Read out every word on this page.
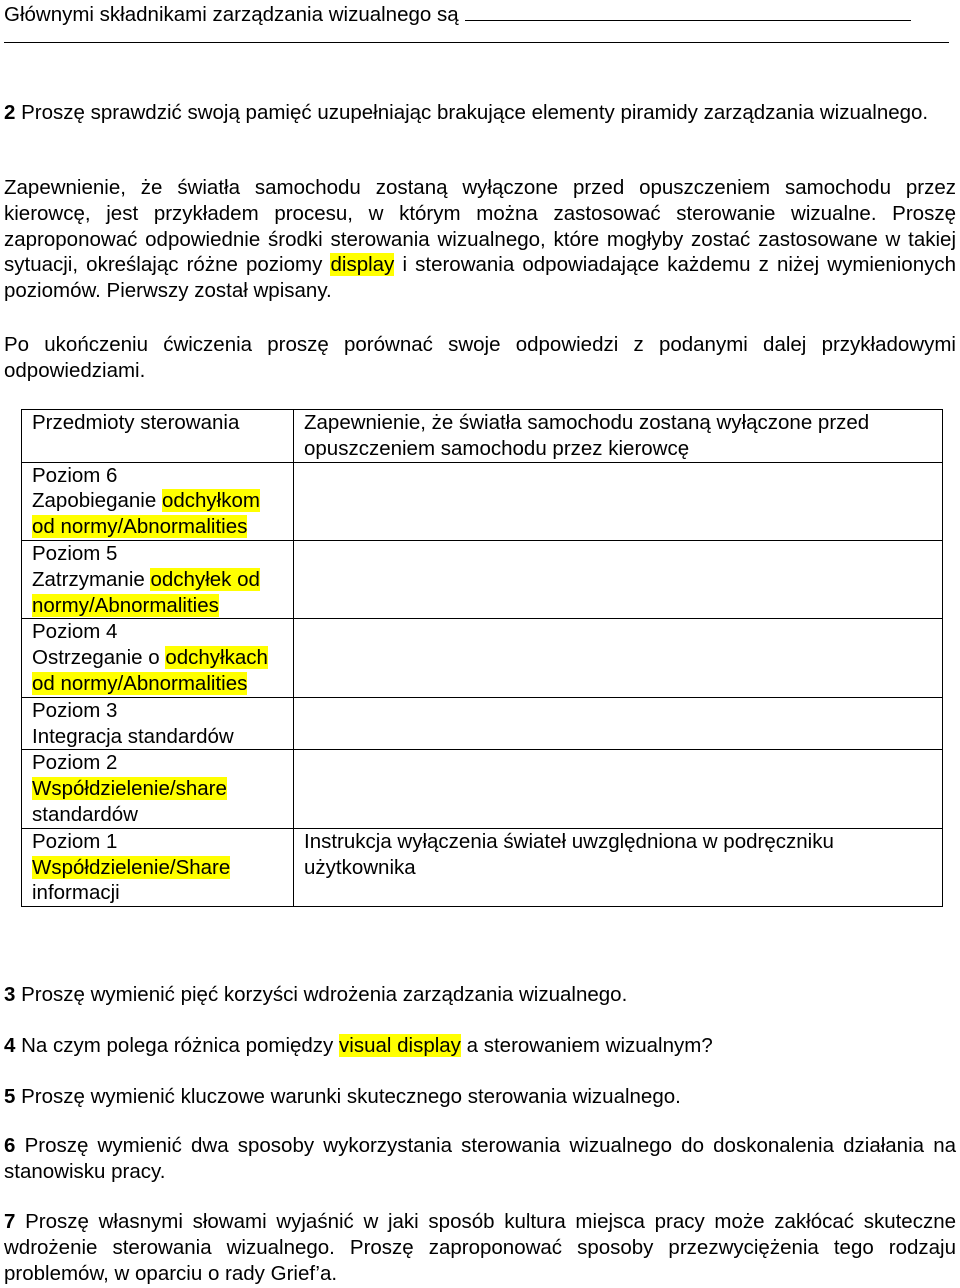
Głównymi składnikami zarządzania wizualnego są

2 Proszę sprawdzić swoją pamięć uzupełniając brakujące elementy piramidy zarządzania wizualnego.

Zapewnienie, że światła samochodu zostaną wyłączone przed opuszczeniem samochodu przez kierowcę, jest przykładem procesu, w którym można zastosować sterowanie wizualne. Proszę zaproponować odpowiednie środki sterowania wizualnego, które mogłyby zostać zastosowane w takiej sytuacji, określając różne poziomy display i sterowania odpowiadające każdemu z niżej wymienionych poziomów. Pierwszy został wpisany.

Po ukończeniu ćwiczenia proszę porównać swoje odpowiedzi z podanymi dalej przykładowymi odpowiedziami.

Przedmioty sterowania	Zapewnienie, że światła samochodu zostaną wyłączone przed opuszczeniem samochodu przez kierowcę
Poziom 6
Zapobieganie odchyłkom od normy/Abnormalities	
Poziom 5
Zatrzymanie odchyłek od normy/Abnormalities	
Poziom 4
Ostrzeganie o odchyłkach od normy/Abnormalities	
Poziom 3
Integracja standardów	
Poziom 2
Współdzielenie/share
standardów	
Poziom 1
Współdzielenie/Share
informacji	Instrukcja wyłączenia świateł uwzględniona w podręczniku użytkownika

3 Proszę wymienić pięć korzyści wdrożenia zarządzania wizualnego.

4 Na czym polega różnica pomiędzy visual display a sterowaniem wizualnym?

5 Proszę wymienić kluczowe warunki skutecznego sterowania wizualnego.

6 Proszę wymienić dwa sposoby wykorzystania sterowania wizualnego do doskonalenia działania na stanowisku pracy.

7 Proszę własnymi słowami wyjaśnić w jaki sposób kultura miejsca pracy może zakłócać skuteczne wdrożenie sterowania wizualnego. Proszę zaproponować sposoby przezwyciężenia tego rodzaju problemów, w oparciu o rady Grief’a.
